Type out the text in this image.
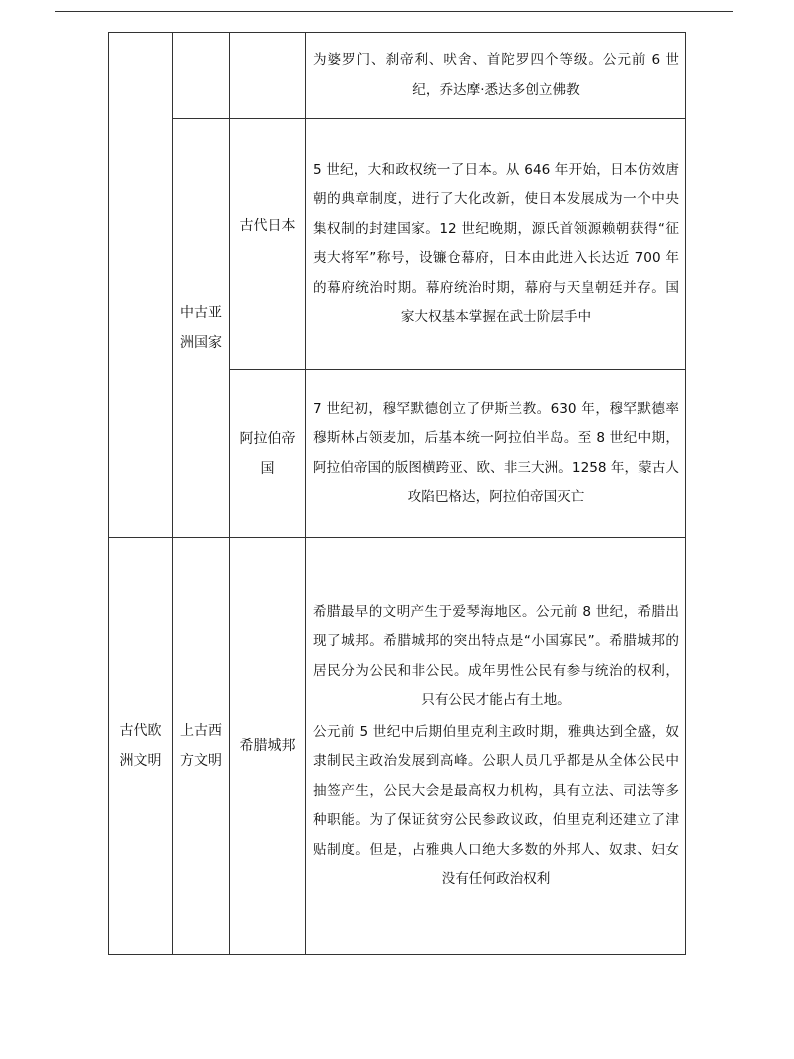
			为婆罗门、刹帝利、吠舍、首陀罗四个等级。公元前 6 世纪，乔达摩·悉达多创立佛教

	中古亚洲国家	古代日本	5 世纪，大和政权统一了日本。从 646 年开始，日本仿效唐朝的典章制度，进行了大化改新，使日本发展成为一个中央集权制的封建国家。12 世纪晚期，源氏首领源赖朝获得“征夷大将军”称号，设镰仓幕府，日本由此进入长达近 700 年的幕府统治时期。幕府统治时期，幕府与天皇朝廷并存。国家大权基本掌握在武士阶层手中

		阿拉伯帝国	7 世纪初，穆罕默德创立了伊斯兰教。630 年，穆罕默德率穆斯林占领麦加，后基本统一阿拉伯半岛。至 8 世纪中期，阿拉伯帝国的版图横跨亚、欧、非三大洲。1258 年，蒙古人攻陷巴格达，阿拉伯帝国灭亡

古代欧洲文明	上古西方文明	希腊城邦	希腊最早的文明产生于爱琴海地区。公元前 8 世纪，希腊出现了城邦。希腊城邦的突出特点是“小国寡民”。希腊城邦的居民分为公民和非公民。成年男性公民有参与统治的权利，只有公民才能占有土地。
公元前 5 世纪中后期伯里克利主政时期，雅典达到全盛，奴隶制民主政治发展到高峰。公职人员几乎都是从全体公民中抽签产生，公民大会是最高权力机构，具有立法、司法等多种职能。为了保证贫穷公民参政议政，伯里克利还建立了津贴制度。但是，占雅典人口绝大多数的外邦人、奴隶、妇女没有任何政治权利
